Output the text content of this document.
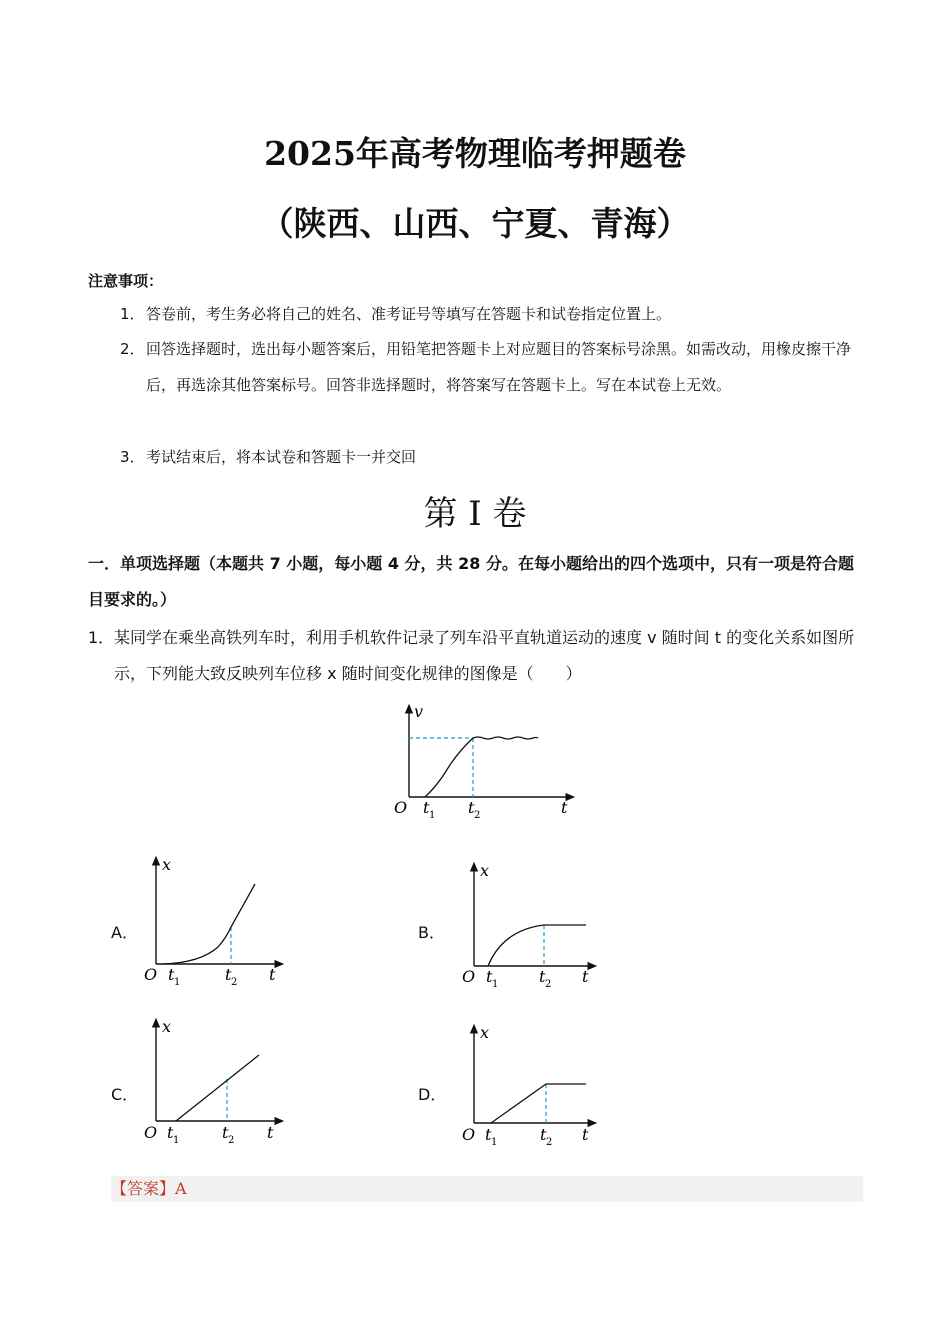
2025年高考物理临考押题卷
（陕西、山西、宁夏、青海）
注意事项：
1． 答卷前，考生务必将自己的姓名、准考证号等填写在答题卡和试卷指定位置上。
2． 回答选择题时，选出每小题答案后，用铅笔把答题卡上对应题目的答案标号涂黑。如需改动，用橡皮擦干净后，再选涂其他答案标号。回答非选择题时，将答案写在答题卡上。写在本试卷上无效。
3． 考试结束后，将本试卷和答题卡一并交回
第 I 卷
一．单项选择题（本题共 7 小题，每小题 4 分，共 28 分。在每小题给出的四个选项中，只有一项是符合题目要求的。）
1． 某同学在乘坐高铁列车时，利用手机软件记录了列车沿平直轨道运动的速度 v 随时间 t 的变化关系如图所示，下列能大致反映列车位移 x 随时间变化规律的图像是（　　）
v
t
O t 1 t 2
A．
x
t
O t 1	t 2
B．
x
t
O t 1	t 2
C．
x
t
O t 1	t 2
D．
x
t
O t 1	t 2
【答案】A
